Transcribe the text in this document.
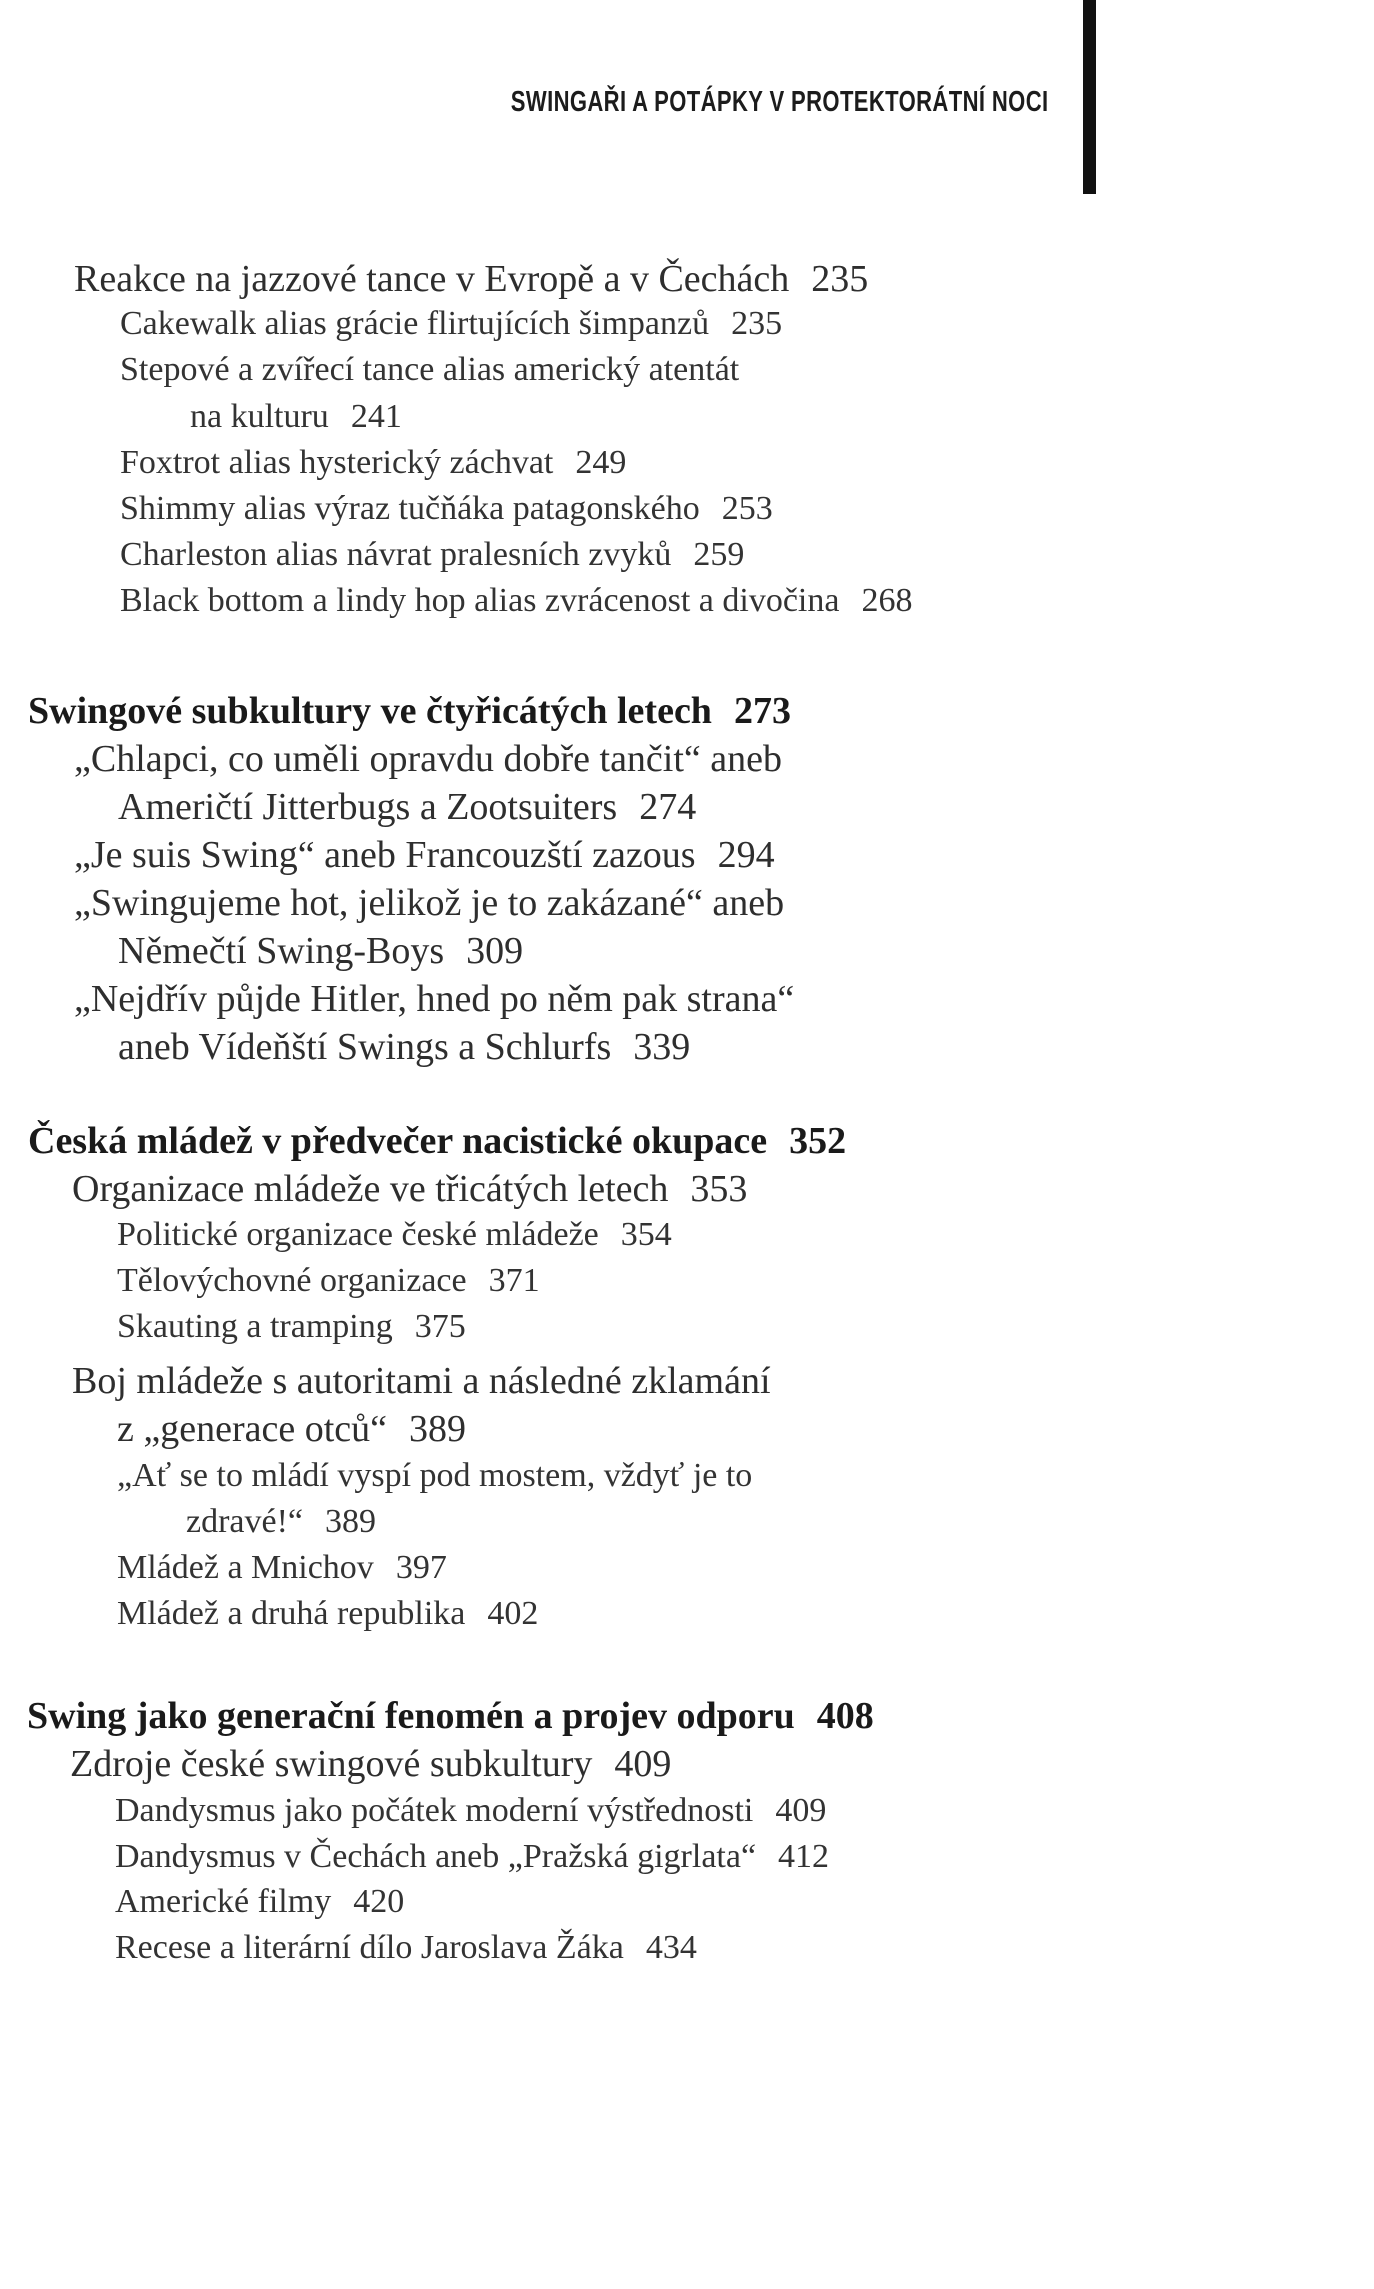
SWINGAŘI A POTÁPKY V PROTEKTORÁTNÍ NOCI
Reakce na jazzové tance v Evropě a v Čechách 235
Cakewalk alias grácie flirtujících šimpanzů 235
Stepové a zvířecí tance alias americký atentát
na kulturu 241
Foxtrot alias hysterický záchvat 249
Shimmy alias výraz tučňáka patagonského 253
Charleston alias návrat pralesních zvyků 259
Black bottom a lindy hop alias zvrácenost a divočina 268
Swingové subkultury ve čtyřicátých letech 273
„Chlapci, co uměli opravdu dobře tančit“ aneb
Američtí Jitterbugs a Zootsuiters 274
„Je suis Swing“ aneb Francouzští zazous 294
„Swingujeme hot, jelikož je to zakázané“ aneb
Němečtí Swing-Boys 309
„Nejdřív půjde Hitler, hned po něm pak strana“
aneb Vídeňští Swings a Schlurfs 339
Česká mládež v předvečer nacistické okupace 352
Organizace mládeže ve třicátých letech 353
Politické organizace české mládeže 354
Tělovýchovné organizace 371
Skauting a tramping 375
Boj mládeže s autoritami a následné zklamání
z „generace otců“ 389
„Ať se to mládí vyspí pod mostem, vždyť je to
zdravé!“ 389
Mládež a Mnichov 397
Mládež a druhá republika 402
Swing jako generační fenomén a projev odporu 408
Zdroje české swingové subkultury 409
Dandysmus jako počátek moderní výstřednosti 409
Dandysmus v Čechách aneb „Pražská gigrlata“ 412
Americké filmy 420
Recese a literární dílo Jaroslava Žáka 434
